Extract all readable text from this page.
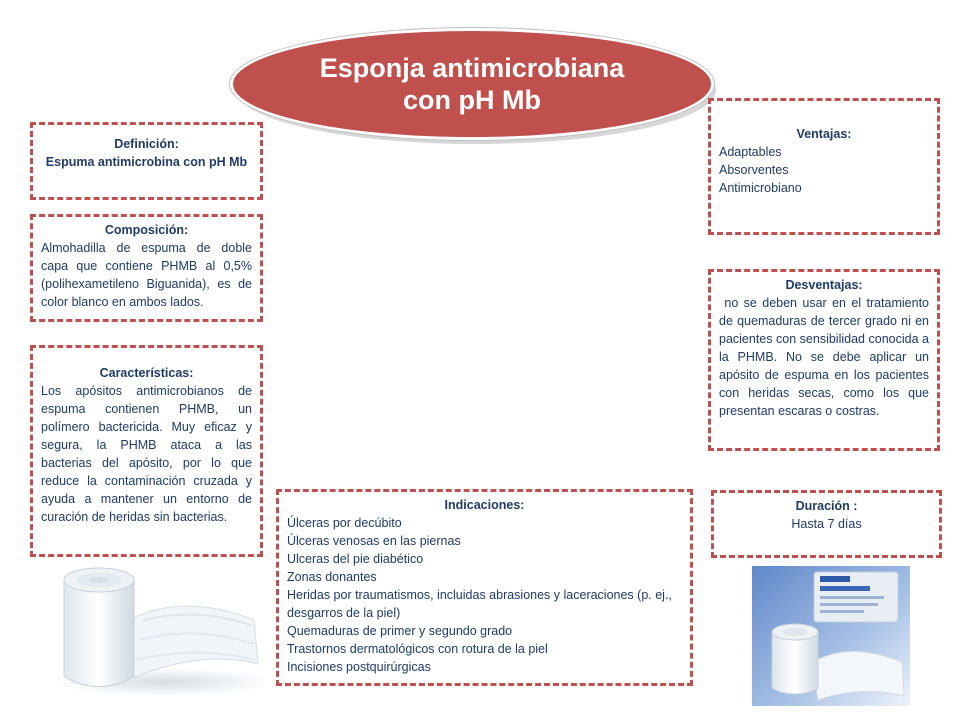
Esponja antimicrobiana
con pH Mb
Definición:
Espuma antimicrobina con pH Mb
Composición:
Almohadilla de espuma de doble capa que contiene PHMB al 0,5%(polihexametileno Biguanida), es de color blanco en ambos lados.
Características:
Los apósitos antimicrobianos de espuma contienen PHMB, un polímero bactericida. Muy eficaz y segura, la PHMB ataca a las bacterias del apósito, por lo que reduce la contaminación cruzada y ayuda a mantener un entorno de curación de heridas sin bacterias.
Ventajas:
Adaptables
Absorventes
Antimicrobiano
Desventajas:
no se deben usar en el tratamiento de quemaduras de tercer grado ni en pacientes con sensibilidad conocida a la PHMB. No se debe aplicar un apósito de espuma en los pacientes con heridas secas, como los que presentan escaras o costras.
Indicaciones:
Úlceras por decúbito
Úlceras venosas en las piernas
Ulceras del pie diabético
Zonas donantes
Heridas por traumatismos, incluidas abrasiones y laceraciones (p. ej., desgarros de la piel)
Quemaduras de primer y segundo grado
Trastornos dermatológicos con rotura de la piel
Incisiones postquirúrgicas
Duración :
Hasta 7 días
